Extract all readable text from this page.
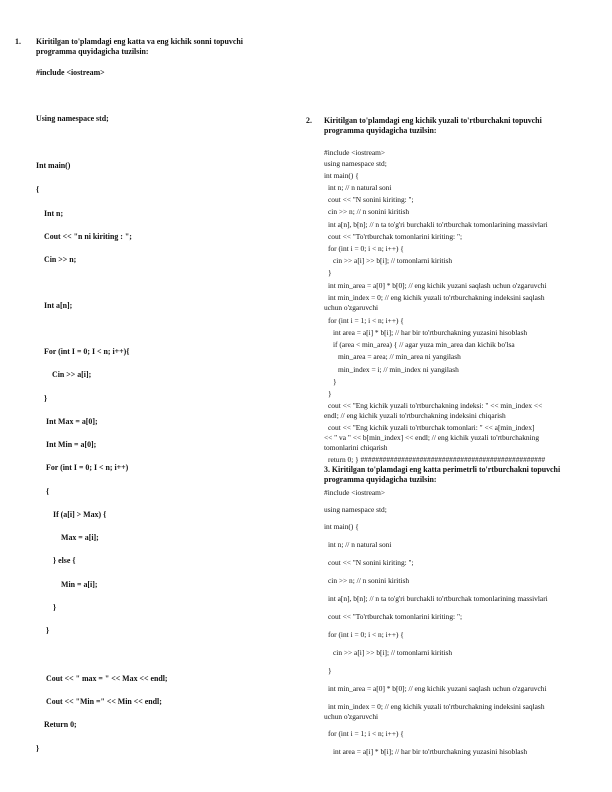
1. Kiritilgan to'plamdagi eng katta va eng kichik sonni topuvchi
programma quyidagicha tuzilsin:
#include <iostream>
Using namespace std;
Int main()
{
Int n;
Cout << "n ni kiriting : ";
Cin >> n;
Int a[n];
For (int I = 0; I < n; i++){
Cin >> a[i];
}
Int Max = a[0];
Int Min = a[0];
For (int I = 0; I < n; i++)
{
If (a[i] > Max) {
Max = a[i];
} else {
Min = a[i];
}
}
Cout << " max = " << Max << endl;
Cout << "Min =" << Min << endl;
Return 0;
}
2. Kiritilgan to'plamdagi eng kichik yuzali to'rtburchakni topuvchi
programma quyidagicha tuzilsin:
#include <iostream>
using namespace std;
int main() {
int n; // n natural soni
cout << "N sonini kiriting: ";
cin >> n; // n sonini kiritish
int a[n], b[n]; // n ta to'g'ri burchakli to'rtburchak tomonlarining massivlari
cout << "To'rtburchak tomonlarini kiriting: ";
for (int i = 0; i < n; i++) {
cin >> a[i] >> b[i]; // tomonlarni kiritish
}
int min_area = a[0] * b[0]; // eng kichik yuzani saqlash uchun o'zgaruvchi
int min_index = 0; // eng kichik yuzali to'rtburchakning indeksini saqlash
uchun o'zgaruvchi
for (int i = 1; i < n; i++) {
int area = a[i] * b[i]; // har bir to'rtburchakning yuzasini hisoblash
if (area < min_area) { // agar yuza min_area dan kichik bo'lsa
min_area = area; // min_area ni yangilash
min_index = i; // min_index ni yangilash
}
}
cout << "Eng kichik yuzali to'rtburchakning indeksi: " << min_index <<
endl; // eng kichik yuzali to'rtburchakning indeksini chiqarish
cout << "Eng kichik yuzali to'rtburchak tomonlari: " << a[min_index]
<< " va " << b[min_index] << endl; // eng kichik yuzali to'rtburchakning
tomonlarini chiqarish
return 0; } ##################################################
3. Kiritilgan to'plamdagi eng katta perimetrli to'rtburchakni topuvchi
programma quyidagicha tuzilsin:
#include <iostream>
using namespace std;
int main() {
int n; // n natural soni
cout << "N sonini kiriting: ";
cin >> n; // n sonini kiritish
int a[n], b[n]; // n ta to'g'ri burchakli to'rtburchak tomonlarining massivlari
cout << "To'rtburchak tomonlarini kiriting: ";
for (int i = 0; i < n; i++) {
cin >> a[i] >> b[i]; // tomonlarni kiritish
}
int min_area = a[0] * b[0]; // eng kichik yuzani saqlash uchun o'zgaruvchi
int min_index = 0; // eng kichik yuzali to'rtburchakning indeksini saqlash
uchun o'zgaruvchi
for (int i = 1; i < n; i++) {
int area = a[i] * b[i]; // har bir to'rtburchakning yuzasini hisoblash
